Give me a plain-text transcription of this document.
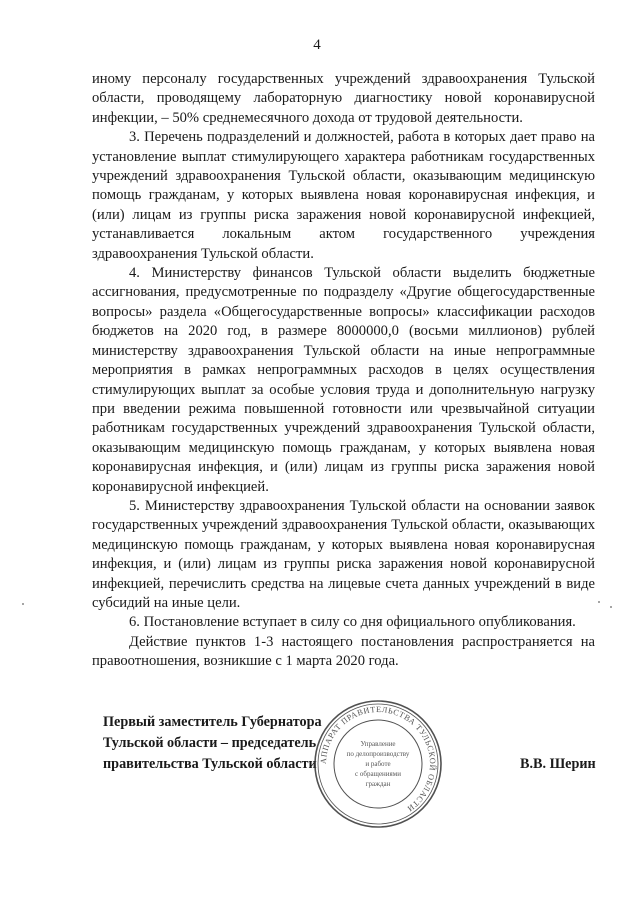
4

иному персоналу государственных учреждений здравоохранения Тульской области, проводящему лабораторную диагностику новой коронавирусной инфекции, – 50% среднемесячного дохода от трудовой деятельности.

3. Перечень подразделений и должностей, работа в которых дает право на установление выплат стимулирующего характера работникам государственных учреждений здравоохранения Тульской области, оказывающим медицинскую помощь гражданам, у которых выявлена новая коронавирусная инфекция, и (или) лицам из группы риска заражения новой коронавирусной инфекцией, устанавливается локальным актом государственного учреждения здравоохранения Тульской области.

4. Министерству финансов Тульской области выделить бюджетные ассигнования, предусмотренные по подразделу «Другие общегосударственные вопросы» раздела «Общегосударственные вопросы» классификации расходов бюджетов на 2020 год, в размере 8000000,0 (восьми миллионов) рублей министерству здравоохранения Тульской области на иные непрограммные мероприятия в рамках непрограммных расходов в целях осуществления стимулирующих выплат за особые условия труда и дополнительную нагрузку при введении режима повышенной готовности или чрезвычайной ситуации работникам государственных учреждений здравоохранения Тульской области, оказывающим медицинскую помощь гражданам, у которых выявлена новая коронавирусная инфекция, и (или) лицам из группы риска заражения новой коронавирусной инфекцией.

5. Министерству здравоохранения Тульской области на основании заявок государственных учреждений здравоохранения Тульской области, оказывающих медицинскую помощь гражданам, у которых выявлена новая коронавирусная инфекция, и (или) лицам из группы риска заражения новой коронавирусной инфекцией, перечислить средства на лицевые счета данных учреждений в виде субсидий на иные цели.

6. Постановление вступает в силу со дня официального опубликования.

Действие пунктов 1-3 настоящего постановления распространяется на правоотношения, возникшие с 1 марта 2020 года.

Первый заместитель Губернатора
Тульской области – председатель
правительства Тульской области АППАРАТ ПРАВИТЕЛЬСТВА ТУЛЬСКОЙ ОБЛАСТИ
Управление
по делопроизводству
и работе
с обращениями
граждан
В.В. Шерин
